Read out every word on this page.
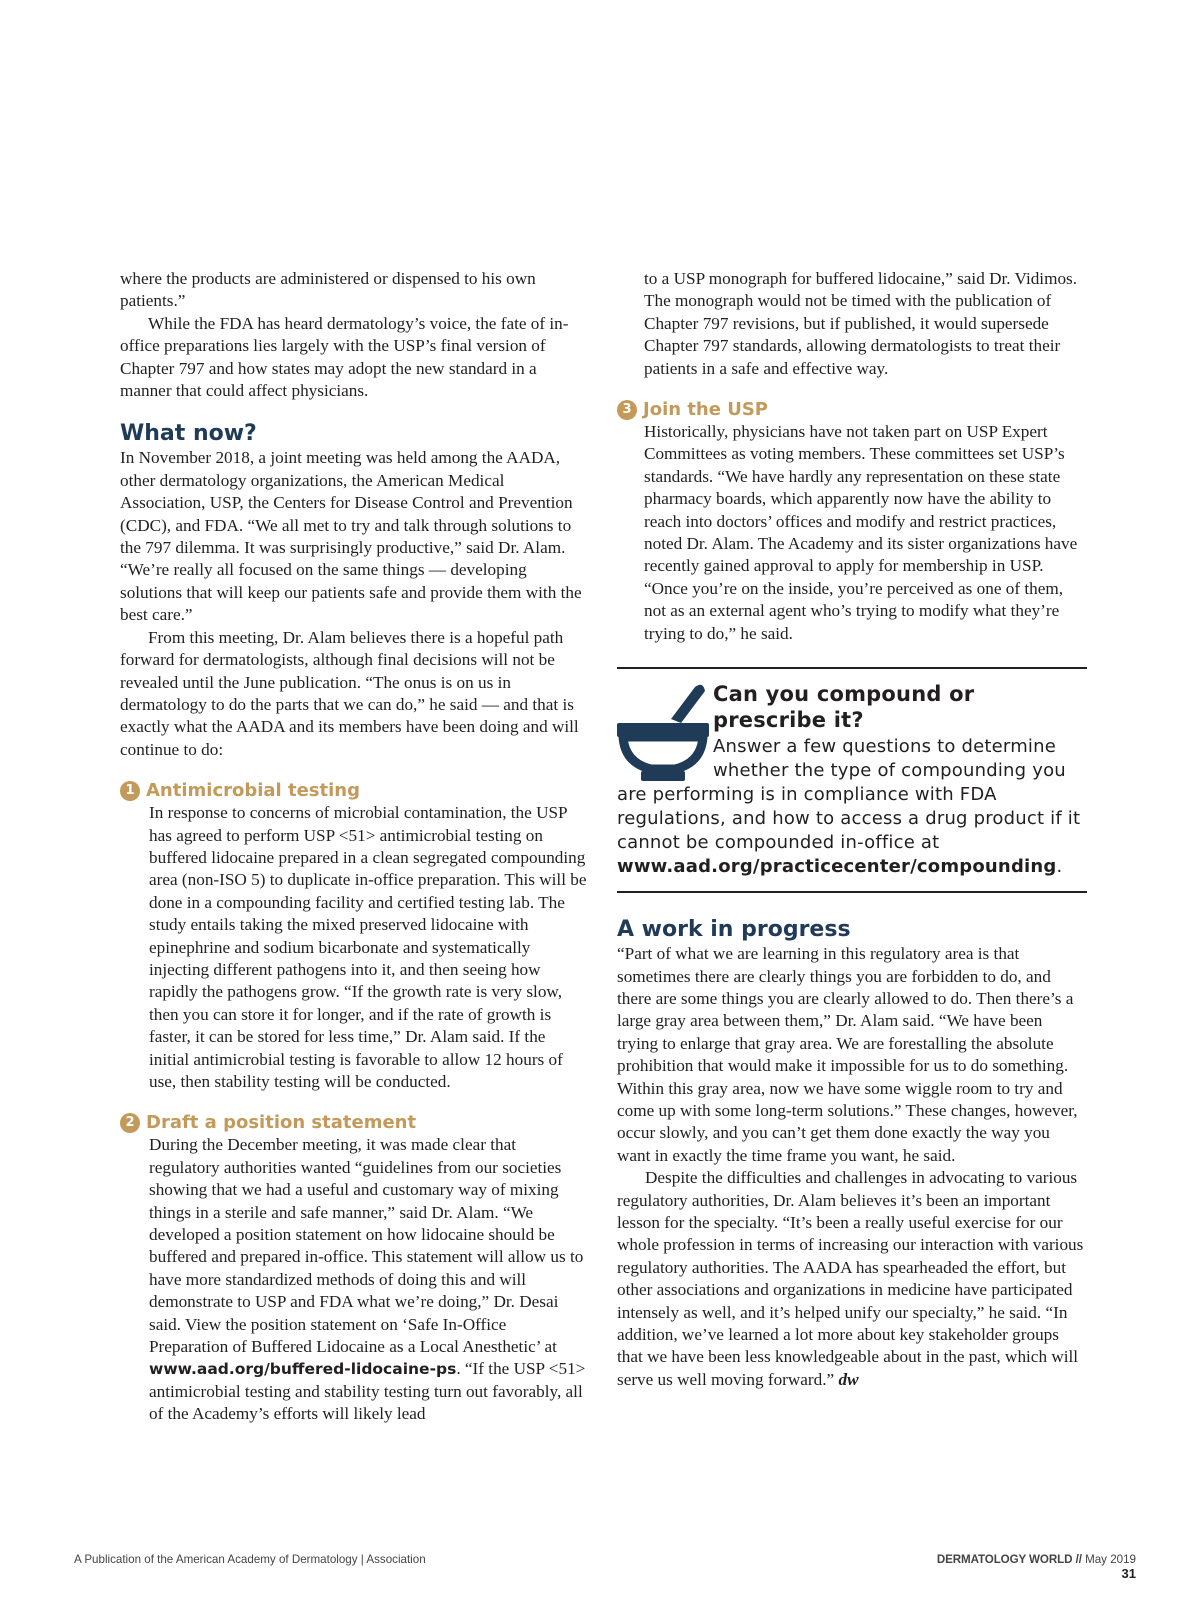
where the products are administered or dispensed to his own patients.”

While the FDA has heard dermatology’s voice, the fate of in-office preparations lies largely with the USP’s final version of Chapter 797 and how states may adopt the new standard in a manner that could affect physicians.

What now?

In November 2018, a joint meeting was held among the AADA, other dermatology organizations, the American Medical Association, USP, the Centers for Disease Control and Prevention (CDC), and FDA. “We all met to try and talk through solutions to the 797 dilemma. It was surprisingly productive,” said Dr. Alam. “We’re really all focused on the same things — developing solutions that will keep our patients safe and provide them with the best care.”

From this meeting, Dr. Alam believes there is a hopeful path forward for dermatologists, although final decisions will not be revealed until the June publication. “The onus is on us in dermatology to do the parts that we can do,” he said — and that is exactly what the AADA and its members have been doing and will continue to do:

1 Antimicrobial testing

In response to concerns of microbial contamination, the USP has agreed to perform USP <51> antimicrobial testing on buffered lidocaine prepared in a clean segregated compounding area (non-ISO 5) to duplicate in-office preparation. This will be done in a compounding facility and certified testing lab. The study entails taking the mixed preserved lidocaine with epinephrine and sodium bicarbonate and systematically injecting different pathogens into it, and then seeing how rapidly the pathogens grow. “If the growth rate is very slow, then you can store it for longer, and if the rate of growth is faster, it can be stored for less time,” Dr. Alam said. If the initial antimicrobial testing is favorable to allow 12 hours of use, then stability testing will be conducted.

2 Draft a position statement

During the December meeting, it was made clear that regulatory authorities wanted “guidelines from our societies showing that we had a useful and customary way of mixing things in a sterile and safe manner,” said Dr. Alam. “We developed a position statement on how lidocaine should be buffered and prepared in-office. This statement will allow us to have more standardized methods of doing this and will demonstrate to USP and FDA what we’re doing,” Dr. Desai said. View the position statement on ‘Safe In-Office Preparation of Buffered Lidocaine as a Local Anesthetic’ at www.aad.org/buffered-lidocaine-ps. “If the USP <51> antimicrobial testing and stability testing turn out favorably, all of the Academy’s efforts will likely lead

to a USP monograph for buffered lidocaine,” said Dr. Vidimos. The monograph would not be timed with the publication of Chapter 797 revisions, but if published, it would supersede Chapter 797 standards, allowing dermatologists to treat their patients in a safe and effective way.

3 Join the USP

Historically, physicians have not taken part on USP Expert Committees as voting members. These committees set USP’s standards. “We have hardly any representation on these state pharmacy boards, which apparently now have the ability to reach into doctors’ offices and modify and restrict practices, noted Dr. Alam. The Academy and its sister organizations have recently gained approval to apply for membership in USP. “Once you’re on the inside, you’re perceived as one of them, not as an external agent who’s trying to modify what they’re trying to do,” he said.

Can you compound or prescribe it?
Answer a few questions to determine whether the type of compounding you are performing is in compliance with FDA regulations, and how to access a drug product if it cannot be compounded in-office at www.aad.org/practicecenter/compounding.
A work in progress

“Part of what we are learning in this regulatory area is that sometimes there are clearly things you are forbidden to do, and there are some things you are clearly allowed to do. Then there’s a large gray area between them,” Dr. Alam said. “We have been trying to enlarge that gray area. We are forestalling the absolute prohibition that would make it impossible for us to do something. Within this gray area, now we have some wiggle room to try and come up with some long-term solutions.” These changes, however, occur slowly, and you can’t get them done exactly the way you want in exactly the time frame you want, he said.

Despite the difficulties and challenges in advocating to various regulatory authorities, Dr. Alam believes it’s been an important lesson for the specialty. “It’s been a really useful exercise for our whole profession in terms of increasing our interaction with various regulatory authorities. The AADA has spearheaded the effort, but other associations and organizations in medicine have participated intensely as well, and it’s helped unify our specialty,” he said. “In addition, we’ve learned a lot more about key stakeholder groups that we have been less knowledgeable about in the past, which will serve us well moving forward.” dw

A Publication of the American Academy of Dermatology | Association	DERMATOLOGY WORLD // May 2019 31
